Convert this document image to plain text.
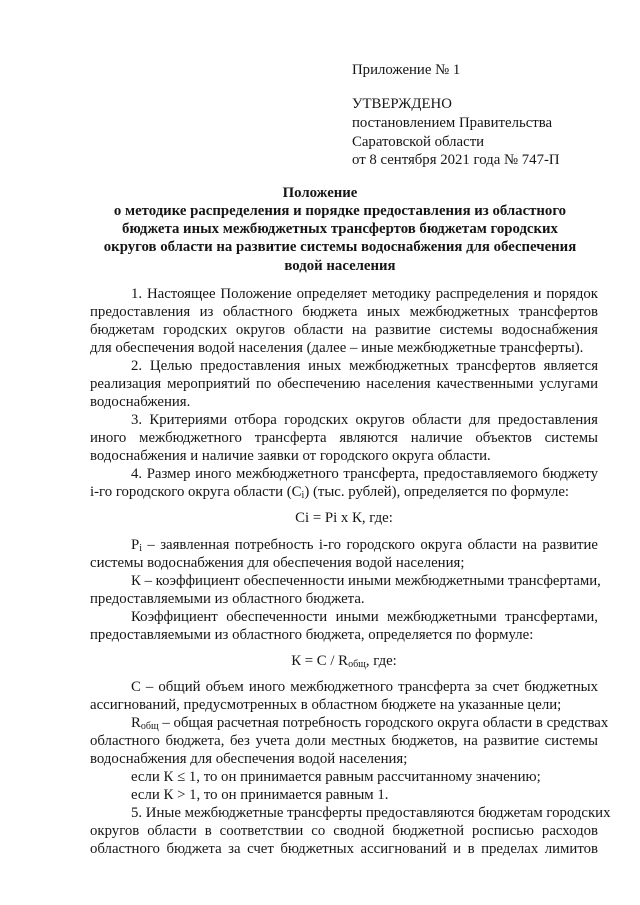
Приложение № 1
УТВЕРЖДЕНО
постановлением Правительства
Саратовской области
от 8 сентября 2021 года № 747-П
Положение
о методике распределения и порядке предоставления из областного
бюджета иных межбюджетных трансфертов бюджетам городских
округов области на развитие системы водоснабжения для обеспечения
водой населения
1. Настоящее Положение определяет методику распределения и порядок
предоставления из областного бюджета иных межбюджетных трансфертов
бюджетам городских округов области на развитие системы водоснабжения
для обеспечения водой населения (далее – иные межбюджетные трансферты).
2. Целью предоставления иных межбюджетных трансфертов является
реализация мероприятий по обеспечению населения качественными услугами
водоснабжения.
3. Критериями отбора городских округов области для предоставления
иного межбюджетного трансферта являются наличие объектов системы
водоснабжения и наличие заявки от городского округа области.
4. Размер иного межбюджетного трансферта, предоставляемого бюджету
i-го городского округа области $(С_i)$ (тыс. рублей), определяется по формуле:
Сi = Pi х К, где:
$P_i$ – заявленная потребность i-го городского округа области на развитие
системы водоснабжения для обеспечения водой населения;
К – коэффициент обеспеченности иными межбюджетными трансфертами,
предоставляемыми из областного бюджета.
Коэффициент обеспеченности иными межбюджетными трансфертами,
предоставляемыми из областного бюджета, определяется по формуле:
$К = С / R_{общ}$, где:
С – общий объем иного межбюджетного трансферта за счет бюджетных
ассигнований, предусмотренных в областном бюджете на указанные цели;
$R_{общ}$ – общая расчетная потребность городского округа области в средствах
областного бюджета, без учета доли местных бюджетов, на развитие системы
водоснабжения для обеспечения водой населения;
если К ≤ 1, то он принимается равным рассчитанному значению;
если К > 1, то он принимается равным 1.
5. Иные межбюджетные трансферты предоставляются бюджетам городских
округов области в соответствии со сводной бюджетной росписью расходов
областного бюджета за счет бюджетных ассигнований и в пределах лимитов
